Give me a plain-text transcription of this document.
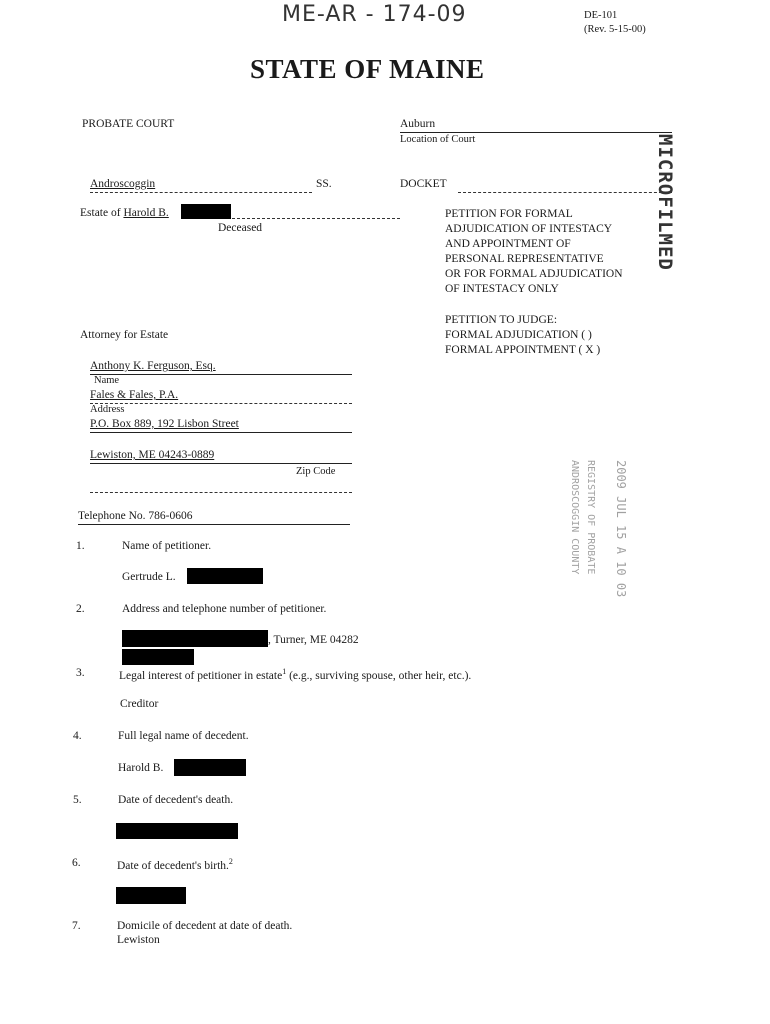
ME-AR - 174-09	DE-101
(Rev. 5-15-00)
STATE OF MAINE
PROBATE COURT	Auburn
Location of Court
Androscoggin	SS.	DOCKET
Estate of Harold B.
Deceased
PETITION FOR FORMAL
ADJUDICATION OF INTESTACY
AND APPOINTMENT OF
PERSONAL REPRESENTATIVE
OR FOR FORMAL ADJUDICATION
OF INTESTACY ONLY
PETITION TO JUDGE:
FORMAL ADJUDICATION ( )
FORMAL APPOINTMENT ( X )
MICROFILMED
Attorney for Estate
Anthony K. Ferguson, Esq.
Name
Fales & Fales, P.A.
Address
P.O. Box 889, 192 Lisbon Street
Lewiston, ME 04243-0889
Zip Code
Telephone No. 786-0606	ANDROSCOGGIN COUNTY REGISTRY OF PROBATE 2009 JUL 15 A 10 03
1.	Name of petitioner.
Gertrude L.
2.	Address and telephone number of petitioner.
, Turner, ME 04282
3.	Legal interest of petitioner in estate$^1$ (e.g., surviving spouse, other heir, etc.).
Creditor
4.	Full legal name of decedent.
Harold B.
5.	Date of decedent's death.
6.	Date of decedent's birth.$^2$
7.	Domicile of decedent at date of death.
Lewiston
